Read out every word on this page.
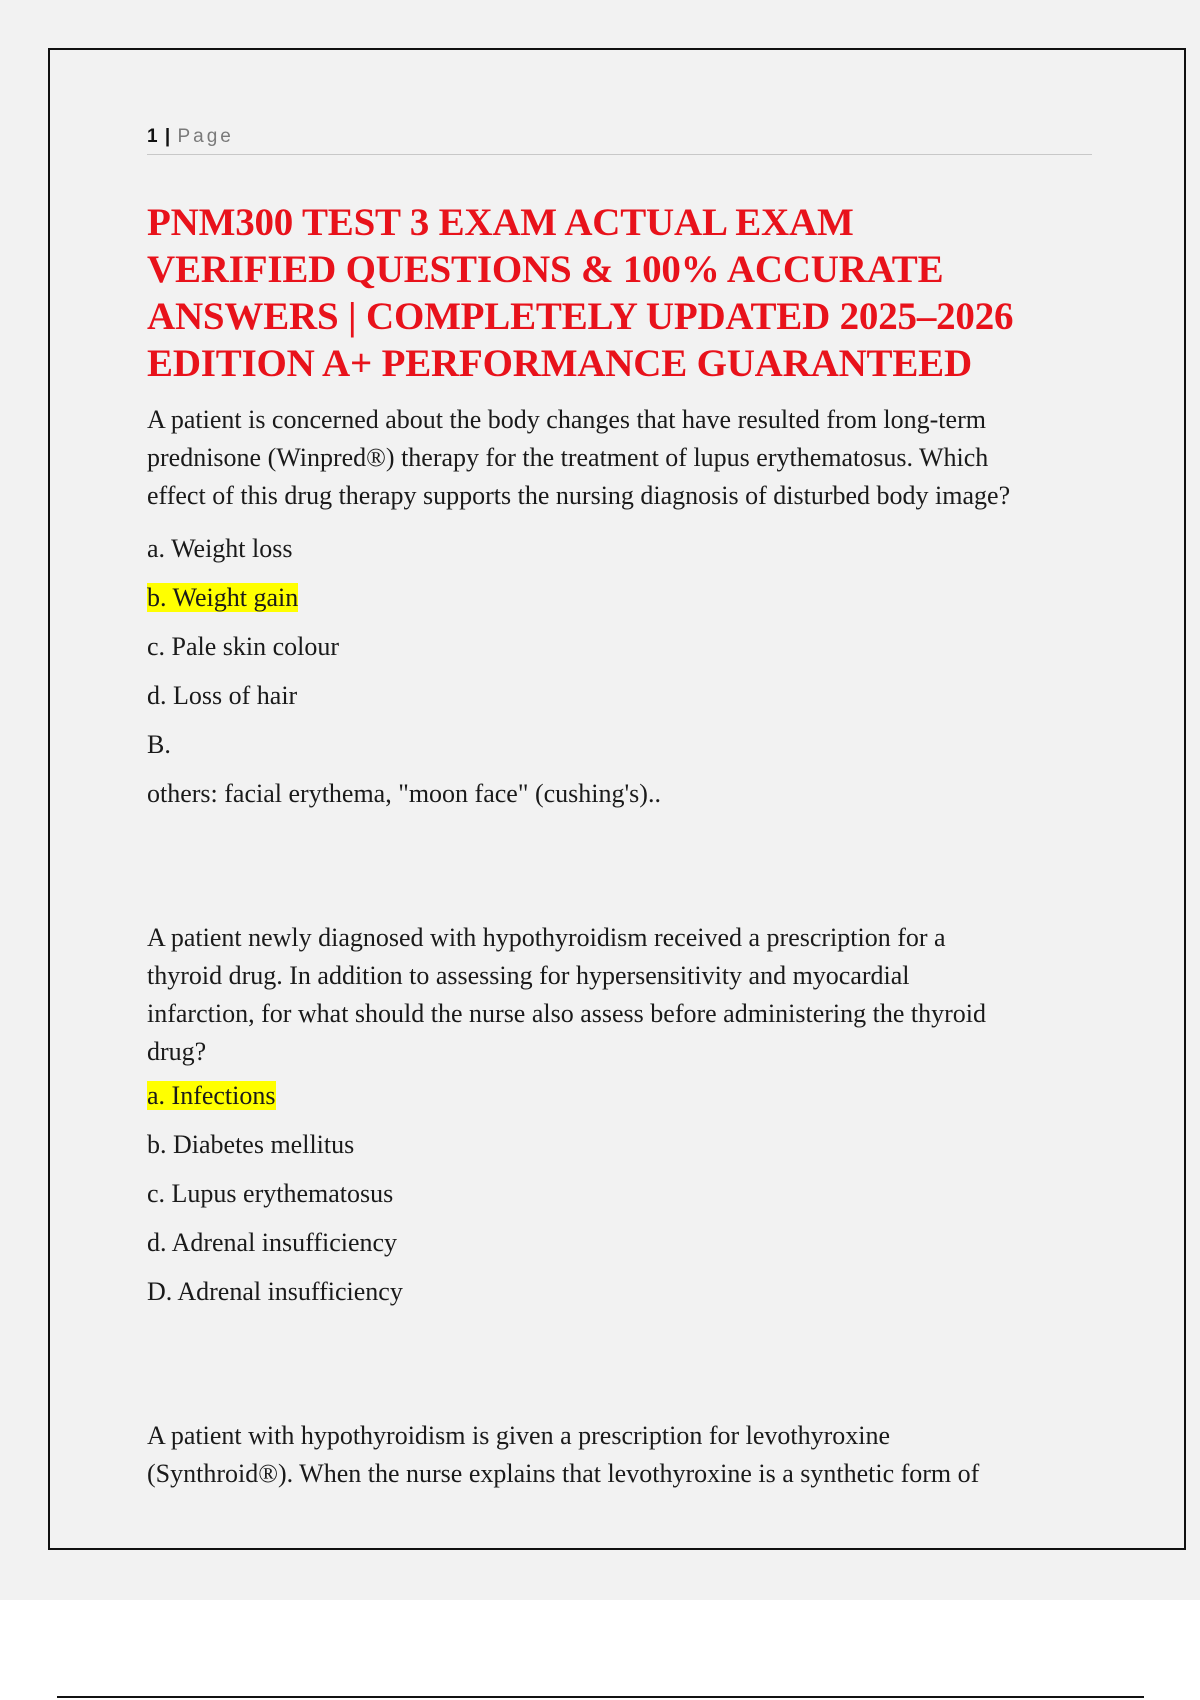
1 | Page
PNM300 TEST 3 EXAM ACTUAL EXAM
VERIFIED QUESTIONS & 100% ACCURATE
ANSWERS | COMPLETELY UPDATED 2025–2026
EDITION A+ PERFORMANCE GUARANTEED
A patient is concerned about the body changes that have resulted from long-term
prednisone (Winpred®) therapy for the treatment of lupus erythematosus. Which
effect of this drug therapy supports the nursing diagnosis of disturbed body image?
a. Weight loss
b. Weight gain
c. Pale skin colour
d. Loss of hair
B.
others: facial erythema, "moon face" (cushing's)..
A patient newly diagnosed with hypothyroidism received a prescription for a
thyroid drug. In addition to assessing for hypersensitivity and myocardial
infarction, for what should the nurse also assess before administering the thyroid
drug?
a. Infections
b. Diabetes mellitus
c. Lupus erythematosus
d. Adrenal insufficiency
D. Adrenal insufficiency
A patient with hypothyroidism is given a prescription for levothyroxine
(Synthroid®). When the nurse explains that levothyroxine is a synthetic form of
